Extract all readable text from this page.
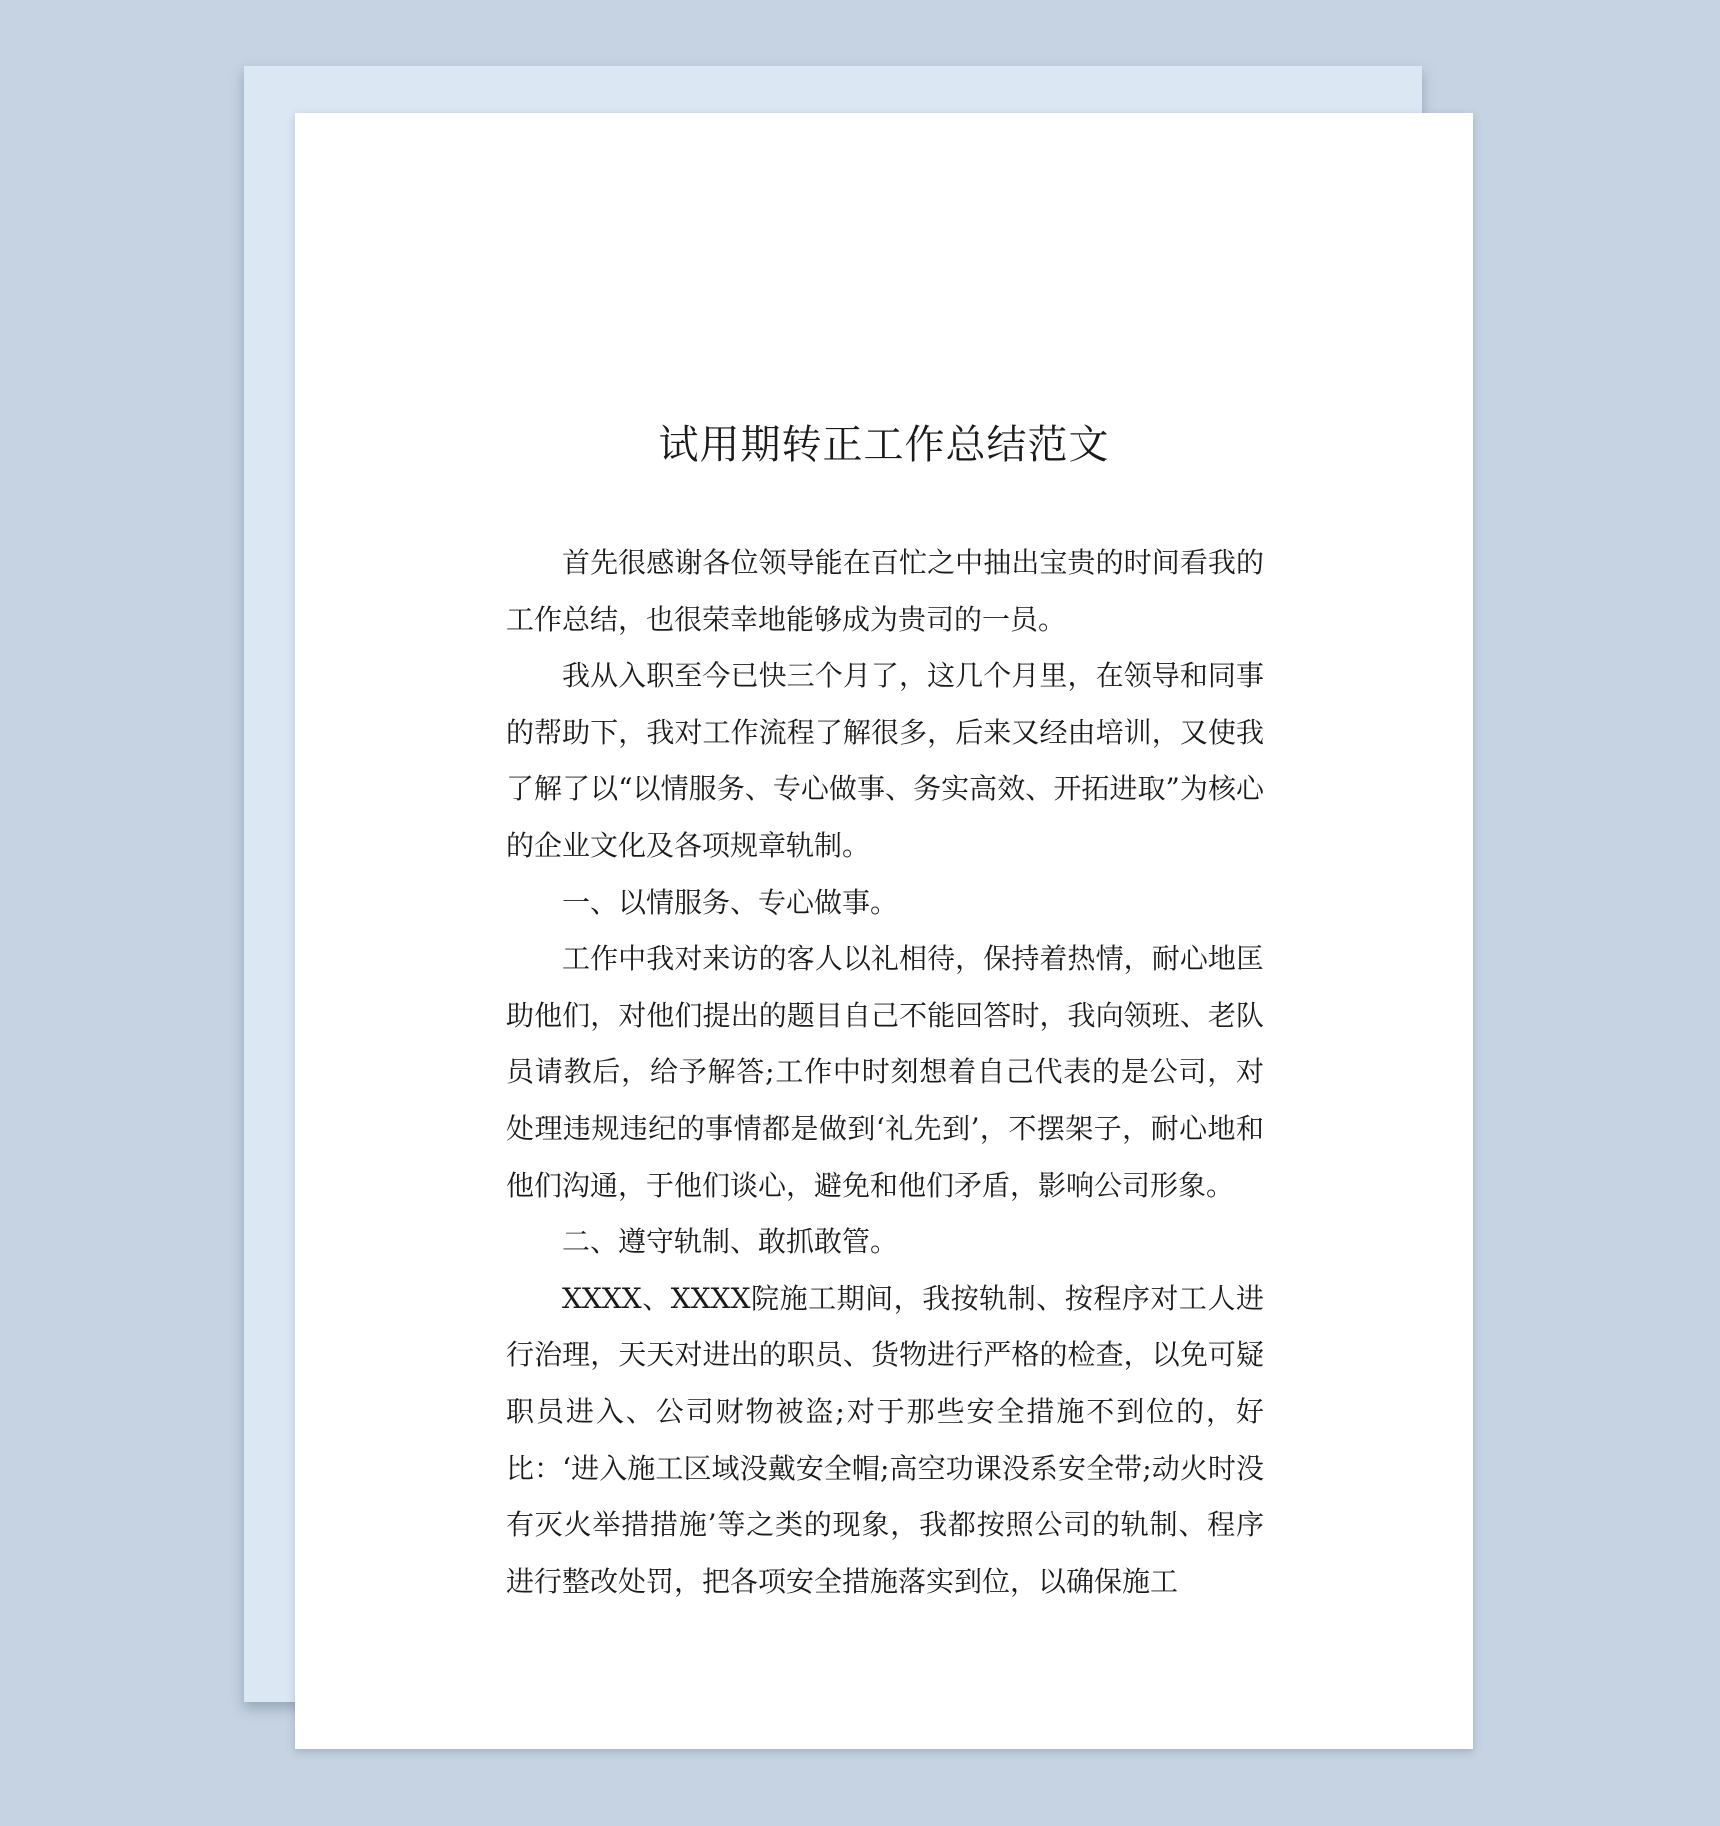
试用期转正工作总结范文

首先很感谢各位领导能在百忙之中抽出宝贵的时间看我的工作总结，也很荣幸地能够成为贵司的一员。

我从入职至今已快三个月了，这几个月里，在领导和同事的帮助下，我对工作流程了解很多，后来又经由培训，又使我了解了以“以情服务、专心做事、务实高效、开拓进取”为核心的企业文化及各项规章轨制。

一、以情服务、专心做事。

工作中我对来访的客人以礼相待，保持着热情，耐心地匡助他们，对他们提出的题目自己不能回答时，我向领班、老队员请教后，给予解答;工作中时刻想着自己代表的是公司，对处理违规违纪的事情都是做到‘礼先到’，不摆架子，耐心地和他们沟通，于他们谈心，避免和他们矛盾，影响公司形象。

二、遵守轨制、敢抓敢管。

XXXX、XXXX院施工期间，我按轨制、按程序对工人进行治理，天天对进出的职员、货物进行严格的检查，以免可疑职员进入、公司财物被盗;对于那些安全措施不到位的，好比：‘进入施工区域没戴安全帽;高空功课没系安全带;动火时没有灭火举措措施’等之类的现象，我都按照公司的轨制、程序进行整改处罚，把各项安全措施落实到位，以确保施工
